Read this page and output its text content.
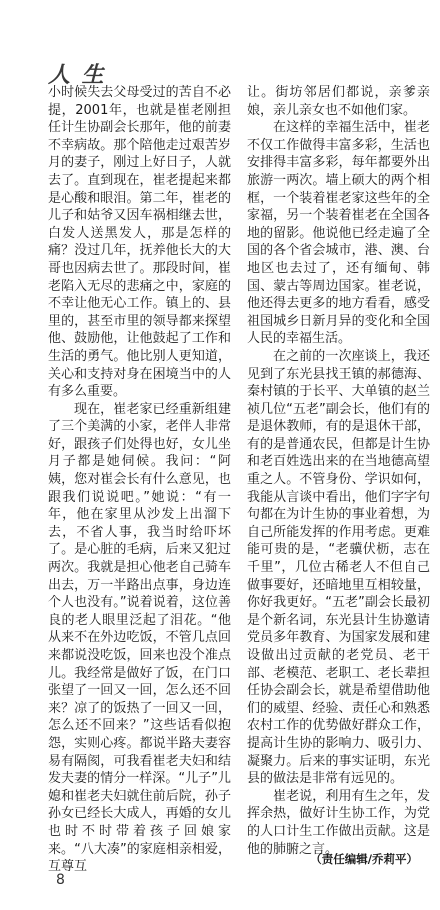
人 生

小时候失去父母受过的苦自不必提，2001年，也就是崔老刚担任计生协副会长那年，他的前妻不幸病故。那个陪他走过艰苦岁月的妻子，刚过上好日子，人就去了。直到现在，崔老提起来都是心酸和眼泪。第二年，崔老的儿子和姑爷又因车祸相继去世，白发人送黑发人，那是怎样的痛？没过几年，抚养他长大的大哥也因病去世了。那段时间，崔老陷入无尽的悲痛之中，家庭的不幸让他无心工作。镇上的、县里的，甚至市里的领导都来探望他、鼓励他，让他鼓起了工作和生活的勇气。他比别人更知道，关心和支持对身在困境当中的人有多么重要。

现在，崔老家已经重新组建了三个美满的小家，老伴人非常好，跟孩子们处得也好，女儿坐月子都是她伺候。我问：“阿姨，您对崔会长有什么意见，也跟我们说说吧。”她说：“有一年，他在家里从沙发上出溜下去，不省人事，我当时给吓坏了。是心脏的毛病，后来又犯过两次。我就是担心他老自己骑车出去，万一半路出点事，身边连个人也没有。”说着说着，这位善良的老人眼里泛起了泪花。“他从来不在外边吃饭，不管几点回来都说没吃饭，回来也没个准点儿。我经常是做好了饭，在门口张望了一回又一回，怎么还不回来？凉了的饭热了一回又一回，怎么还不回来？”这些话看似抱怨，实则心疼。都说半路夫妻容易有隔阂，可我看崔老夫妇和结发夫妻的情分一样深。“儿子”儿媳和崔老夫妇就住前后院，孙子孙女已经长大成人，再婚的女儿也时不时带着孩子回娘家来。“八大凑”的家庭相亲相爱，互尊互

让。街坊邻居们都说，亲爹亲娘，亲儿亲女也不如他们家。

在这样的幸福生活中，崔老不仅工作做得丰富多彩，生活也安排得丰富多彩，每年都要外出旅游一两次。墙上硕大的两个相框，一个装着崔老家这些年的全家福，另一个装着崔老在全国各地的留影。他说他已经走遍了全国的各个省会城市，港、澳、台地区也去过了，还有缅甸、韩国、蒙古等周边国家。崔老说，他还得去更多的地方看看，感受祖国城乡日新月异的变化和全国人民的幸福生活。

在之前的一次座谈上，我还见到了东光县找王镇的郝德海、秦村镇的于长平、大单镇的赵兰祯几位“五老”副会长，他们有的是退休教师，有的是退休干部，有的是普通农民，但都是计生协和老百姓选出来的在当地德高望重之人。不管身份、学识如何，我能从言谈中看出，他们字字句句都在为计生协的事业着想，为自己所能发挥的作用考虑。更难能可贵的是，“老骥伏枥，志在千里”，几位古稀老人不但自己做事要好，还暗地里互相较量，你好我更好。“五老”副会长最初是个新名词，东光县计生协邀请党员多年教育、为国家发展和建设做出过贡献的老党员、老干部、老模范、老职工、老长辈担任协会副会长，就是希望借助他们的威望、经验、责任心和熟悉农村工作的优势做好群众工作，提高计生协的影响力、吸引力、凝聚力。后来的事实证明，东光县的做法是非常有远见的。

崔老说，利用有生之年，发挥余热，做好计生协工作，为党的人口计生工作做出贡献。这是他的肺腑之言。

（责任编辑/乔莉平）
8
